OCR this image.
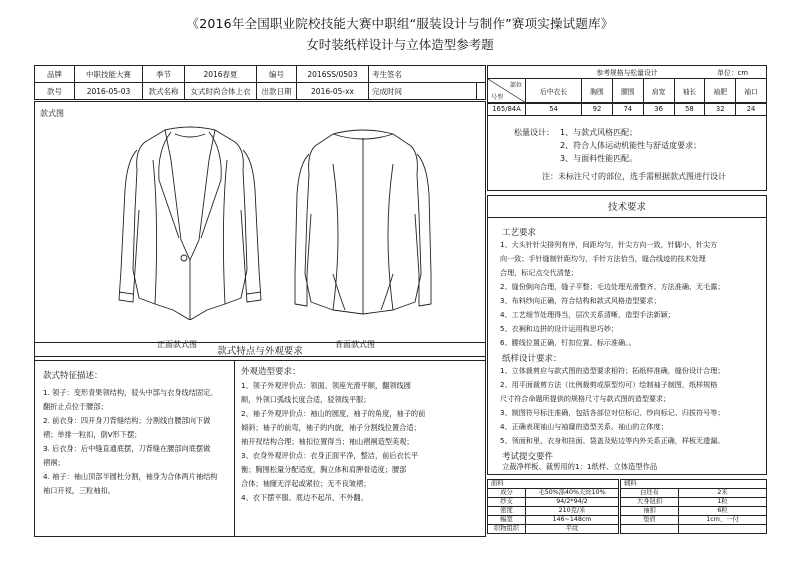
《2016年全国职业院校技能大赛中职组“服装设计与制作”赛项实操试题库》
女时装纸样设计与立体造型参考题
品牌	中职技能大赛	季节	2016春夏	编号	2016SS/0503	考生签名	
款号	2016-05-03	款式名称	女式时尚合体上衣	出款日期	2016-05-xx	完成时间	
参考规格与松量设计 单位：cm							

部位
号型	后中衣长	胸围	腰围	肩宽	袖长	袖肥	袖口
165/84A	54	92	74	36	58	32	24
款式图
正面款式图	背面款式图
松量设计： 1、与款式风格匹配；
2、符合人体运动机能性与舒适度要求；
3、与面料性能匹配。
注：未标注尺寸的部位，选手需根据款式图进行设计
技术要求
工艺要求
1、大头针针尖排列有序，间距均匀，针尖方向一致，针脚小，针尖方
向一致；手针缝制针距均匀，手针方法恰当，缝合线迹的技术处理
合理，标记点交代清楚；
2、缝份倒向合理，缝子平整；毛边处理光滑整齐、方法准确、无毛露；
3、布料纱向正确，符合结构和款式风格造型要求；
4、工艺细节处理得当，层次关系清晰，造型手法新颖；
5、衣裥和边拼的设计运用构思巧妙；
6、腰线位置正确，钉扣位置、标示准确。。
纸样设计要求：
1、立体裁剪应与款式图的造型要求相符；拓纸样准确，缝份设计合理；
2、用平面裁剪方法（比例裁剪或原型均可）绘制袖子制图，纸样规格
尺寸符合命题所提供的规格尺寸与款式图的造型要求；
3、制图符号标注准确，包括各部位对位标记、纱向标记、归拔符号等；
4、正确表现袖山与袖窿的造型关系、袖山的立体度；
5、领面和里、衣身和挂面、袋盖及贴边等内外关系正确，样板无遗漏。
考试提交要件
立裁净样板、裁剪用的1：1纸样、立体造型作品
款式特点与外观要求
款式特征描述：
1. 领子：变形青果领结构，驳头中部与衣身线结固定、
翻折止点位于腰部；
2. 前衣身：四开身刀背缝结构；分割线自腰部向下做
褶；单排一粒扣，倒V形下摆；
3. 后衣身：后中缝直通底摆，刀背缝在腰部向底摆做
褶裥；
4. 袖子：袖山顶部半圆杜分割，袖身为合体两片袖结构
袖口开衩，三粒袖扣。
外观造型要求：
1、领子外观评价点：领面、领座光滑平顺，翻领线圆
顺，外领口弧线长度合适，驳领线平服；
2、袖子外观评价点：袖山的圆度，袖子的角度，袖子的前
倾斜；袖子的前弯，袖子的内旋，袖子分割线位置合适；
袖开衩结构合理；袖扣位置得当；袖山褶裥造型美观；
3、衣身外观评价点：衣身正面平净，整洁，前后衣长平
衡；胸围松量分配适度，胸立体和肩胛骨适度；腰部
合体；袖窿无浮起或紧拉；无不良皱褶；
4、衣下摆平服、底边不起吊，不外翻。
面料	
成分	毛50%涤40%天丝10%
纱支	94/2*94/2
密度	210克/米
幅宽	146~148cm
织物组织	平纹
辅料	
白坯布	2米
大身钮扣	1粒
袖扣	6粒
垫肩	1cm、一付
